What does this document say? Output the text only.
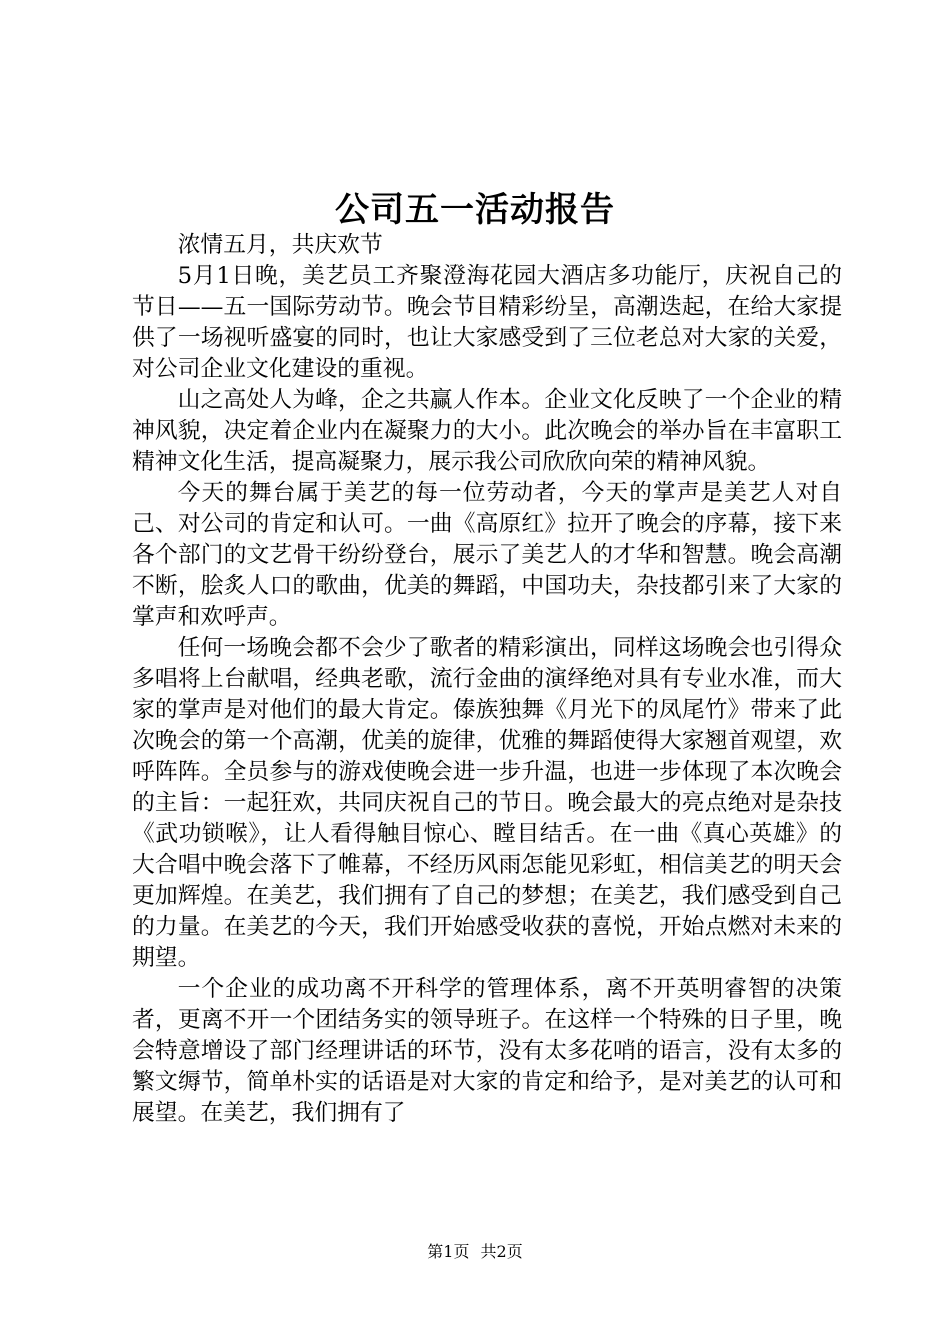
公司五一活动报告

浓情五月，共庆欢节

5月1日晚，美艺员工齐聚澄海花园大酒店多功能厅，庆祝自己的节日——五一国际劳动节。晚会节目精彩纷呈，高潮迭起，在给大家提供了一场视听盛宴的同时，也让大家感受到了三位老总对大家的关爱，对公司企业文化建设的重视。

山之高处人为峰，企之共赢人作本。企业文化反映了一个企业的精神风貌，决定着企业内在凝聚力的大小。此次晚会的举办旨在丰富职工精神文化生活，提高凝聚力，展示我公司欣欣向荣的精神风貌。

今天的舞台属于美艺的每一位劳动者，今天的掌声是美艺人对自己、对公司的肯定和认可。一曲《高原红》拉开了晚会的序幕，接下来各个部门的文艺骨干纷纷登台，展示了美艺人的才华和智慧。晚会高潮不断，脍炙人口的歌曲，优美的舞蹈，中国功夫，杂技都引来了大家的掌声和欢呼声。

任何一场晚会都不会少了歌者的精彩演出，同样这场晚会也引得众多唱将上台献唱，经典老歌，流行金曲的演绎绝对具有专业水准，而大家的掌声是对他们的最大肯定。傣族独舞《月光下的凤尾竹》带来了此次晚会的第一个高潮，优美的旋律，优雅的舞蹈使得大家翘首观望，欢呼阵阵。全员参与的游戏使晚会进一步升温，也进一步体现了本次晚会的主旨：一起狂欢，共同庆祝自己的节日。晚会最大的亮点绝对是杂技《武功锁喉》，让人看得触目惊心、瞠目结舌。在一曲《真心英雄》的大合唱中晚会落下了帷幕，不经历风雨怎能见彩虹，相信美艺的明天会更加辉煌。在美艺，我们拥有了自己的梦想；在美艺，我们感受到自己的力量。在美艺的今天，我们开始感受收获的喜悦，开始点燃对未来的期望。

一个企业的成功离不开科学的管理体系，离不开英明睿智的决策者，更离不开一个团结务实的领导班子。在这样一个特殊的日子里，晚会特意增设了部门经理讲话的环节，没有太多花哨的语言，没有太多的繁文缛节，简单朴实的话语是对大家的肯定和给予，是对美艺的认可和展望。在美艺，我们拥有了

第1页 共2页
